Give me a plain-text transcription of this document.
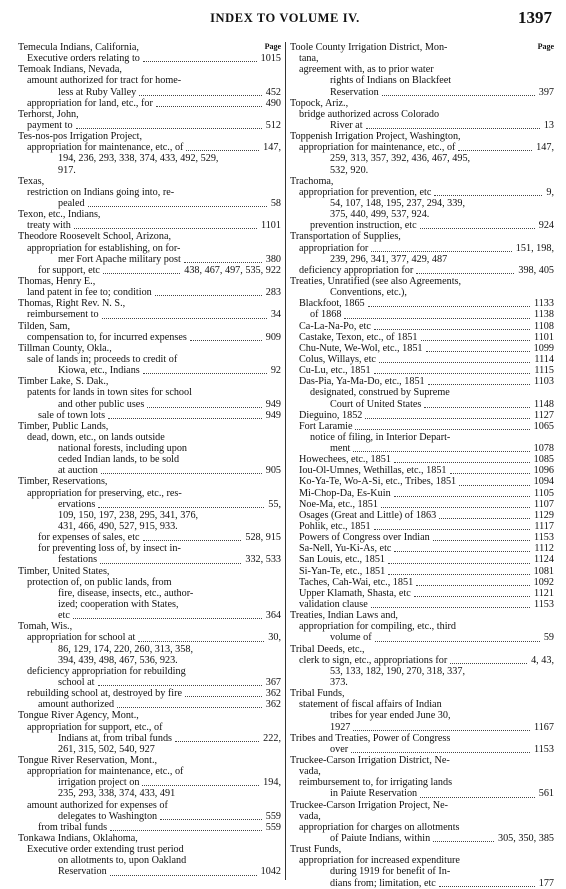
INDEX TO VOLUME IV.	1397
Page
Temecula Indians, California,
Executive orders relating to	1015
Temoak Indians, Nevada,
amount authorized for tract for home-
less at Ruby Valley	452
appropriation for land, etc., for	490
Terhorst, John,
payment to	512
Tes-nos-pos Irrigation Project,
appropriation for maintenance, etc., of	147,
194, 236, 293, 338, 374, 433, 492, 529,
917.
Texas,
restriction on Indians going into, re-
pealed	58
Texon, etc., Indians,
treaty with	1101
Theodore Roosevelt School, Arizona,
appropriation for establishing, on for-
mer Fort Apache military post	380
for support, etc	438, 467, 497, 535, 922
Thomas, Henry E.,
land patent in fee to; condition	283
Thomas, Right Rev. N. S.,
reimbursement to	34
Tilden, Sam,
compensation to, for incurred expenses	909
Tillman County, Okla.,
sale of lands in; proceeds to credit of
Kiowa, etc., Indians	92
Timber Lake, S. Dak.,
patents for lands in town sites for school
and other public uses	949
sale of town lots	949
Timber, Public Lands,
dead, down, etc., on lands outside
national forests, including upon
ceded Indian lands, to be sold
at auction	905
Timber, Reservations,
appropriation for preserving, etc., res-
ervations	55,
109, 150, 197, 238, 295, 341, 376,
431, 466, 490, 527, 915, 933.
for expenses of sales, etc	528, 915
for preventing loss of, by insect in-
festations	332, 533
Timber, United States,
protection of, on public lands, from
fire, disease, insects, etc., author-
ized; cooperation with States,
etc	364
Tomah, Wis.,
appropriation for school at	30,
86, 129, 174, 220, 260, 313, 358,
394, 439, 498, 467, 536, 923.
deficiency appropriation for rebuilding
school at	367
rebuilding school at, destroyed by fire	362
amount authorized	362
Tongue River Agency, Mont.,
appropriation for support, etc., of
Indians at, from tribal funds	222,
261, 315, 502, 540, 927
Tongue River Reservation, Mont.,
appropriation for maintenance, etc., of
irrigation project on	194,
235, 293, 338, 374, 433, 491
amount authorized for expenses of
delegates to Washington	559
from tribal funds	559
Tonkawa Indians, Oklahoma,
Executive order extending trust period
on allotments to, upon Oakland
Reservation	1042
Page
Toole County Irrigation District, Mon-
tana,
agreement with, as to prior water
rights of Indians on Blackfeet
Reservation	397
Topock, Ariz.,
bridge authorized across Colorado
River at	13
Toppenish Irrigation Project, Washington,
appropriation for maintenance, etc., of	147,
259, 313, 357, 392, 436, 467, 495,
532, 920.
Trachoma,
appropriation for prevention, etc	9,
54, 107, 148, 195, 237, 294, 339,
375, 440, 499, 537, 924.
prevention instruction, etc	924
Transportation of Supplies,
appropriation for	151, 198,
239, 296, 341, 377, 429, 487
deficiency appropriation for	398, 405
Treaties, Unratified (see also Agreements,
Conventions, etc.),
Blackfoot, 1865	1133
of 1868	1138
Ca-La-Na-Po, etc	1108
Castake, Texon, etc., of 1851	1101
Chu-Nute, We-Wol, etc., 1851	1099
Colus, Willays, etc	1114
Cu-Lu, etc., 1851	1115
Das-Pia, Ya-Ma-Do, etc., 1851	1103
designated, construed by Supreme
Court of United States	1148
Dieguino, 1852	1127
Fort Laramie	1065
notice of filing, in Interior Depart-
ment	1078
Howechees, etc., 1851	1085
Iou-Ol-Umnes, Wethillas, etc., 1851	1096
Ko-Ya-Te, Wo-A-Si, etc., Tribes, 1851	1094
Mi-Chop-Da, Es-Kuin	1105
Noe-Ma, etc., 1851	1107
Osages (Great and Little) of 1863	1129
Pohlik, etc., 1851	1117
Powers of Congress over Indian	1153
Sa-Nell, Yu-Ki-As, etc	1112
San Louis, etc., 1851	1124
Si-Yan-Te, etc., 1851	1081
Taches, Cah-Wai, etc., 1851	1092
Upper Klamath, Shasta, etc	1121
validation clause	1153
Treaties, Indian Laws and,
appropriation for compiling, etc., third
volume of	59
Tribal Deeds, etc.,
clerk to sign, etc., appropriations for	4, 43,
53, 133, 182, 190, 270, 318, 337,
373.
Tribal Funds,
statement of fiscal affairs of Indian
tribes for year ended June 30,
1927	1167
Tribes and Treaties, Power of Congress
over	1153
Truckee-Carson Irrigation District, Ne-
vada,
reimbursement to, for irrigating lands
in Paiute Reservation	561
Truckee-Carson Irrigation Project, Ne-
vada,
appropriation for charges on allotments
of Paiute Indians, within	305, 350, 385
Trust Funds,
appropriation for increased expenditure
during 1919 for benefit of In-
dians from; limitation, etc	177
